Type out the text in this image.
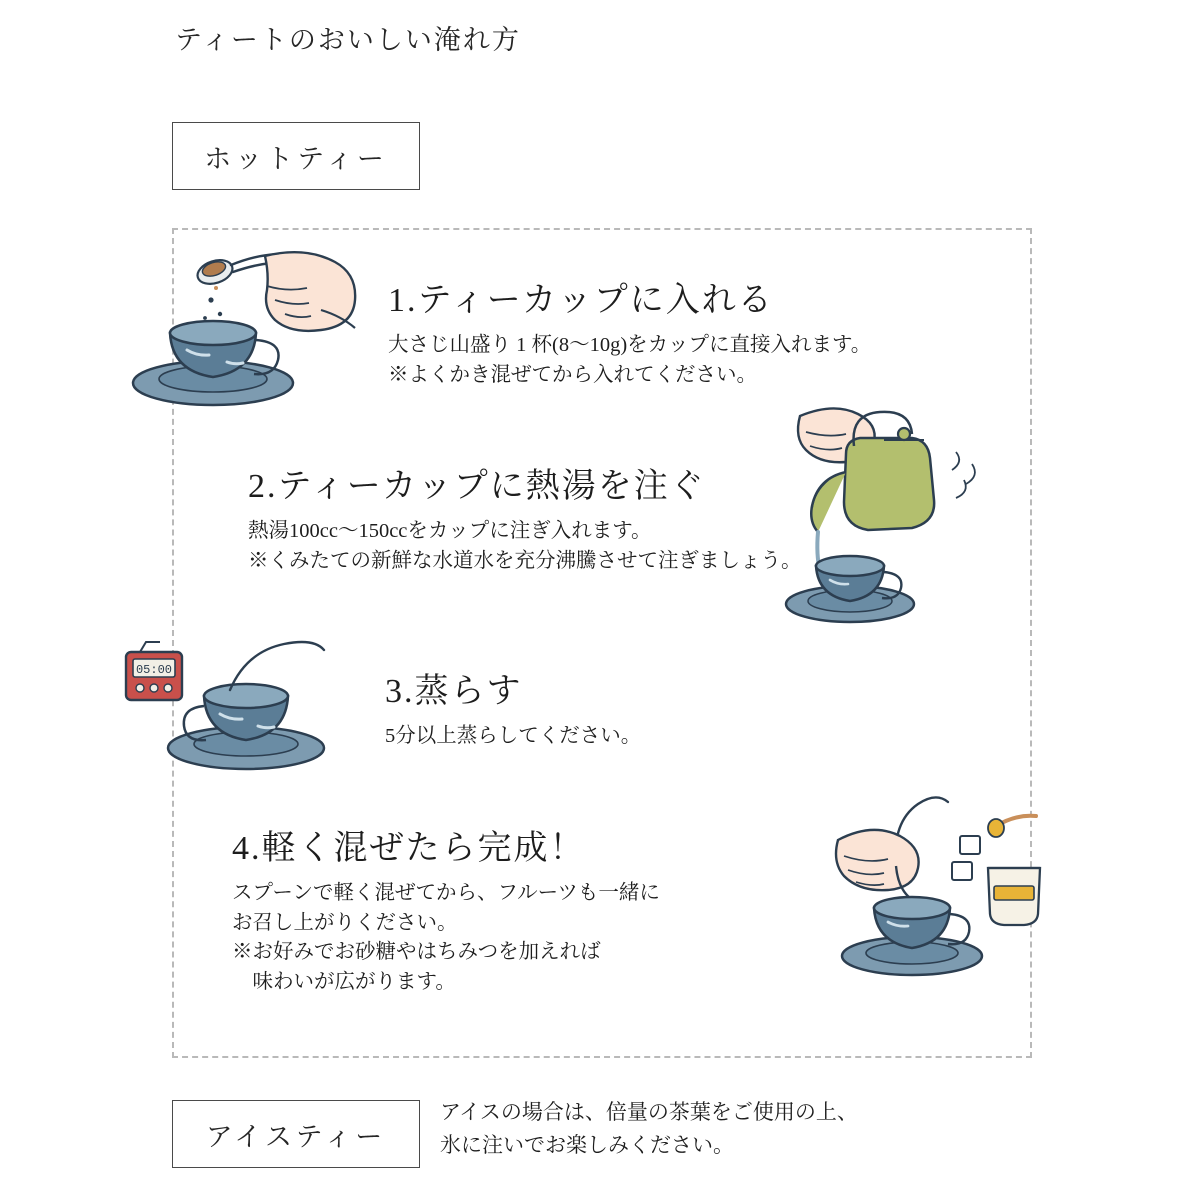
ティートのおいしい淹れ方
ホットティー
05:00
1.ティーカップに入れる
大さじ山盛り 1 杯(8〜10g)をカップに直接入れます。
※よくかき混ぜてから入れてください。
2.ティーカップに熱湯を注ぐ
熱湯100cc〜150ccをカップに注ぎ入れます。
※くみたての新鮮な水道水を充分沸騰させて注ぎましょう。
3.蒸らす
5分以上蒸らしてください。
4.軽く混ぜたら完成！
スプーンで軽く混ぜてから、フルーツも一緒に
お召し上がりください。
※お好みでお砂糖やはちみつを加えれば
　味わいが広がります。
アイスティー
アイスの場合は、倍量の茶葉をご使用の上、
氷に注いでお楽しみください。
